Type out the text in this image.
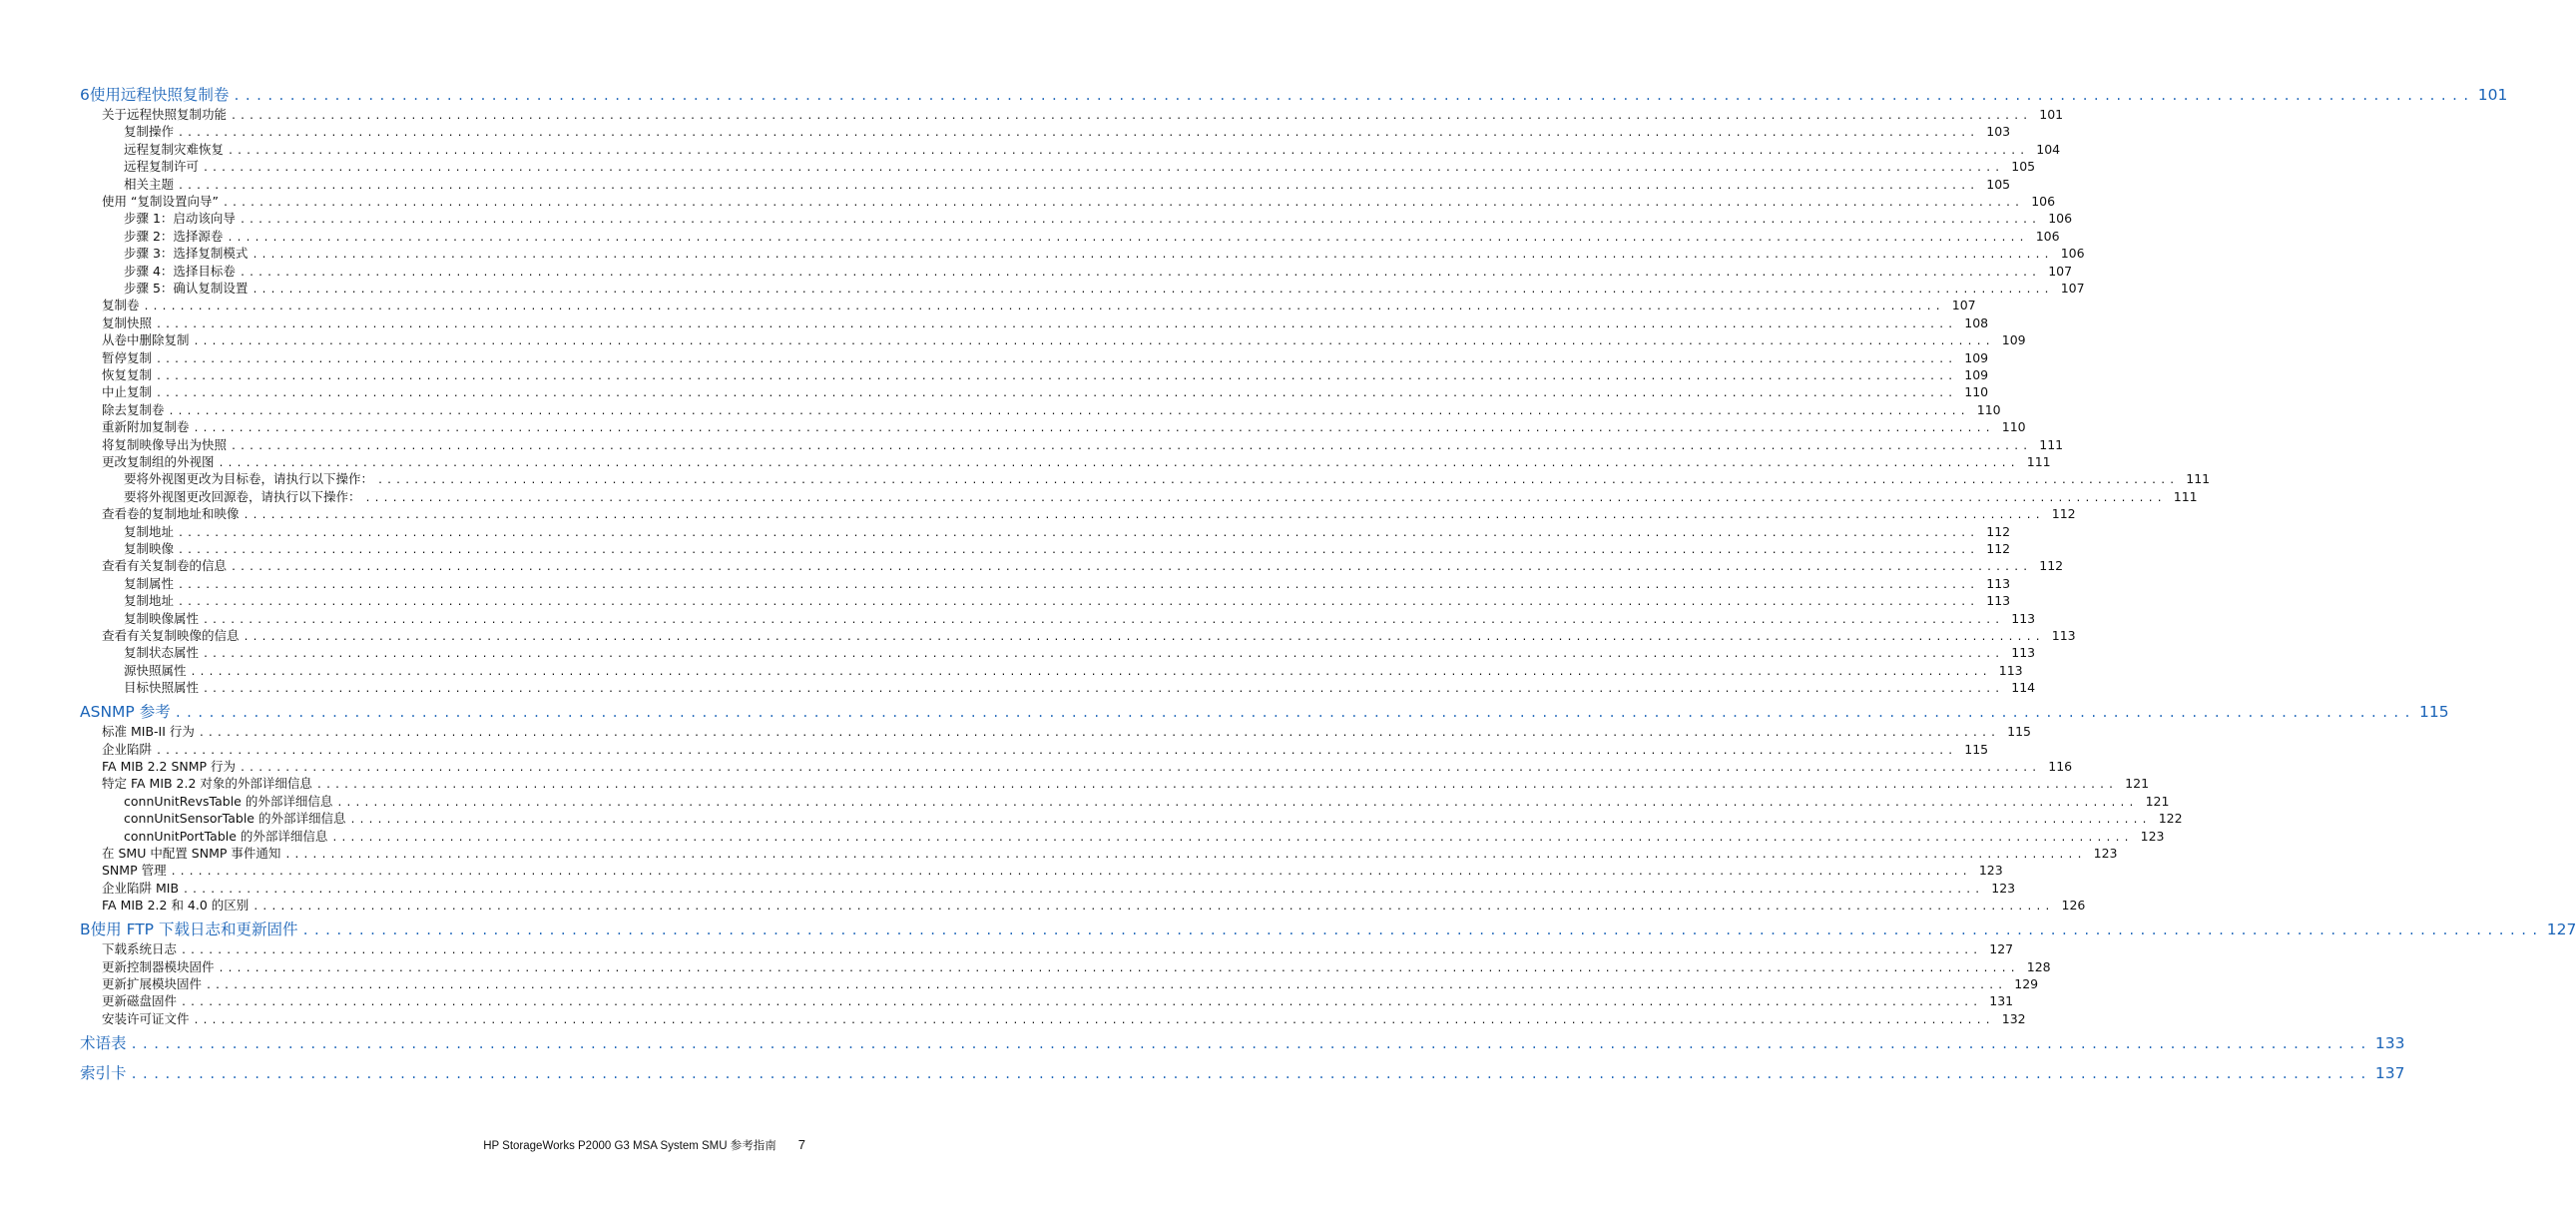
6 使用远程快照复制卷 ........................................................................................................................................................................................................ 101
关于远程快照复制功能 ........................................................................................................................................................................................................ 101
复制操作 ........................................................................................................................................................................................................ 103
远程复制灾难恢复 ........................................................................................................................................................................................................ 104
远程复制许可 ........................................................................................................................................................................................................ 105
相关主题 ........................................................................................................................................................................................................ 105
使用 “复制设置向导” ........................................................................................................................................................................................................ 106
步骤 1：启动该向导 ........................................................................................................................................................................................................ 106
步骤 2：选择源卷 ........................................................................................................................................................................................................ 106
步骤 3：选择复制模式 ........................................................................................................................................................................................................ 106
步骤 4：选择目标卷 ........................................................................................................................................................................................................ 107
步骤 5：确认复制设置 ........................................................................................................................................................................................................ 107
复制卷 ........................................................................................................................................................................................................ 107
复制快照 ........................................................................................................................................................................................................ 108
从卷中删除复制 ........................................................................................................................................................................................................ 109
暂停复制 ........................................................................................................................................................................................................ 109
恢复复制 ........................................................................................................................................................................................................ 109
中止复制 ........................................................................................................................................................................................................ 110
除去复制卷 ........................................................................................................................................................................................................ 110
重新附加复制卷 ........................................................................................................................................................................................................ 110
将复制映像导出为快照 ........................................................................................................................................................................................................ 111
更改复制组的外视图 ........................................................................................................................................................................................................ 111
要将外视图更改为目标卷，请执行以下操作： ........................................................................................................................................................................................................ 111
要将外视图更改回源卷，请执行以下操作： ........................................................................................................................................................................................................ 111
查看卷的复制地址和映像 ........................................................................................................................................................................................................ 112
复制地址 ........................................................................................................................................................................................................ 112
复制映像 ........................................................................................................................................................................................................ 112
查看有关复制卷的信息 ........................................................................................................................................................................................................ 112
复制属性 ........................................................................................................................................................................................................ 113
复制地址 ........................................................................................................................................................................................................ 113
复制映像属性 ........................................................................................................................................................................................................ 113
查看有关复制映像的信息 ........................................................................................................................................................................................................ 113
复制状态属性 ........................................................................................................................................................................................................ 113
源快照属性 ........................................................................................................................................................................................................ 113
目标快照属性 ........................................................................................................................................................................................................ 114
A SNMP 参考 ........................................................................................................................................................................................................ 115
标准 MIB-II 行为 ........................................................................................................................................................................................................ 115
企业陷阱 ........................................................................................................................................................................................................ 115
FA MIB 2.2 SNMP 行为 ........................................................................................................................................................................................................ 116
特定 FA MIB 2.2 对象的外部详细信息 ........................................................................................................................................................................................................ 121
connUnitRevsTable 的外部详细信息 ........................................................................................................................................................................................................ 121
connUnitSensorTable 的外部详细信息 ........................................................................................................................................................................................................ 122
connUnitPortTable 的外部详细信息 ........................................................................................................................................................................................................ 123
在 SMU 中配置 SNMP 事件通知 ........................................................................................................................................................................................................ 123
SNMP 管理 ........................................................................................................................................................................................................ 123
企业陷阱 MIB ........................................................................................................................................................................................................ 123
FA MIB 2.2 和 4.0 的区别 ........................................................................................................................................................................................................ 126
B 使用 FTP 下载日志和更新固件 ........................................................................................................................................................................................................ 127
下载系统日志 ........................................................................................................................................................................................................ 127
更新控制器模块固件 ........................................................................................................................................................................................................ 128
更新扩展模块固件 ........................................................................................................................................................................................................ 129
更新磁盘固件 ........................................................................................................................................................................................................ 131
安装许可证文件 ........................................................................................................................................................................................................ 132
术语表 ........................................................................................................................................................................................................ 133
索引卡 ........................................................................................................................................................................................................ 137
HP StorageWorks P2000 G3 MSA System SMU 参考指南 7
